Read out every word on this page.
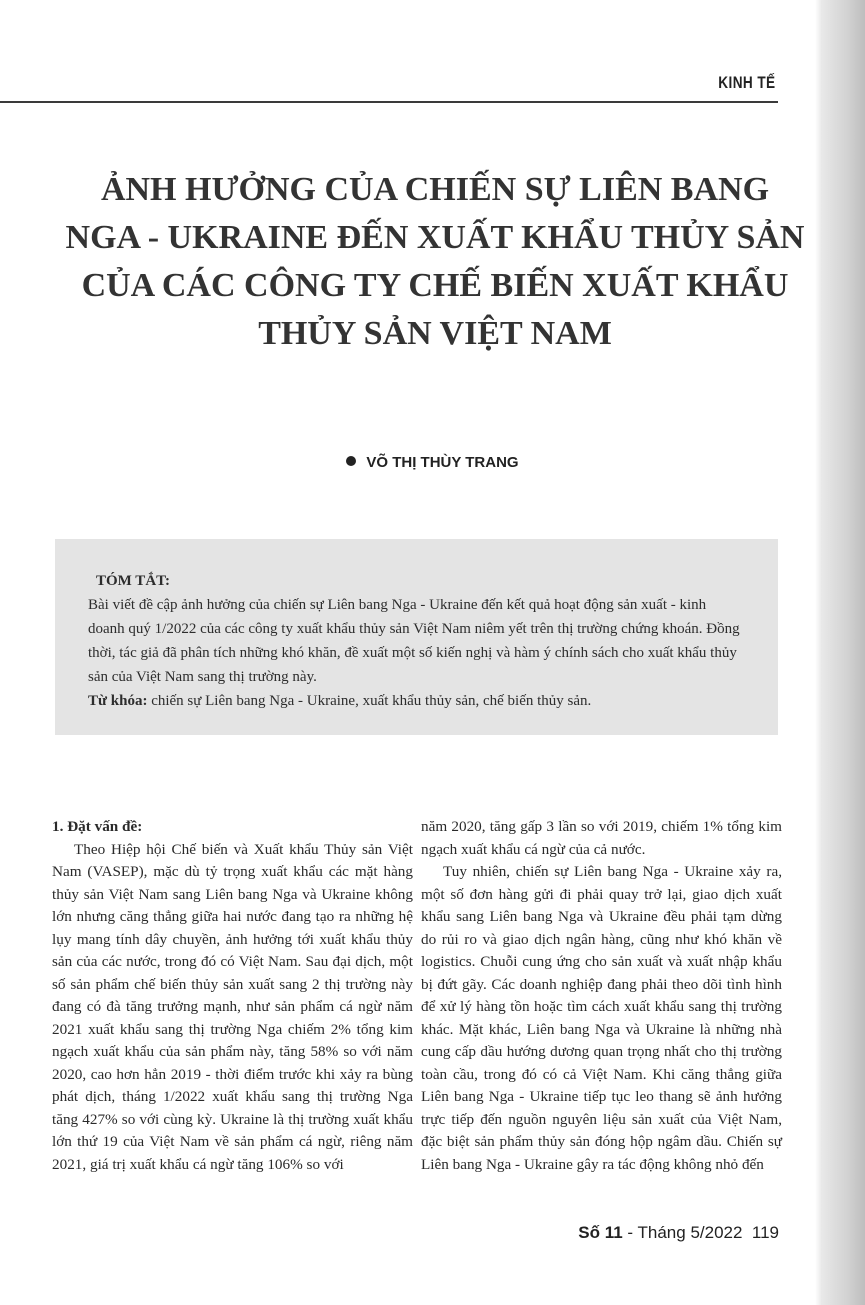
KINH TẾ
ẢNH HƯỞNG CỦA CHIẾN SỰ LIÊN BANG NGA - UKRAINE ĐẾN XUẤT KHẨU THỦY SẢN CỦA CÁC CÔNG TY CHẾ BIẾN XUẤT KHẨU THỦY SẢN VIỆT NAM
VÕ THỊ THÙY TRANG
TÓM TẮT:
Bài viết đề cập ảnh hưởng của chiến sự Liên bang Nga - Ukraine đến kết quả hoạt động sản xuất - kinh doanh quý 1/2022 của các công ty xuất khẩu thủy sản Việt Nam niêm yết trên thị trường chứng khoán. Đồng thời, tác giả đã phân tích những khó khăn, đề xuất một số kiến nghị và hàm ý chính sách cho xuất khẩu thủy sản của Việt Nam sang thị trường này.
Từ khóa: chiến sự Liên bang Nga - Ukraine, xuất khẩu thủy sản, chế biến thủy sản.

1. Đặt vấn đề:

Theo Hiệp hội Chế biến và Xuất khẩu Thủy sản Việt Nam (VASEP), mặc dù tỷ trọng xuất khẩu các mặt hàng thủy sản Việt Nam sang Liên bang Nga và Ukraine không lớn nhưng căng thẳng giữa hai nước đang tạo ra những hệ lụy mang tính dây chuyền, ảnh hưởng tới xuất khẩu thủy sản của các nước, trong đó có Việt Nam. Sau đại dịch, một số sản phẩm chế biến thủy sản xuất sang 2 thị trường này đang có đà tăng trưởng mạnh, như sản phẩm cá ngừ năm 2021 xuất khẩu sang thị trường Nga chiếm 2% tổng kim ngạch xuất khẩu của sản phẩm này, tăng 58% so với năm 2020, cao hơn hẳn 2019 - thời điểm trước khi xảy ra bùng phát dịch, tháng 1/2022 xuất khẩu sang thị trường Nga tăng 427% so với cùng kỳ. Ukraine là thị trường xuất khẩu lớn thứ 19 của Việt Nam về sản phẩm cá ngừ, riêng năm 2021, giá trị xuất khẩu cá ngừ tăng 106% so với

năm 2020, tăng gấp 3 lần so với 2019, chiếm 1% tổng kim ngạch xuất khẩu cá ngừ của cả nước.

Tuy nhiên, chiến sự Liên bang Nga - Ukraine xảy ra, một số đơn hàng gửi đi phải quay trở lại, giao dịch xuất khẩu sang Liên bang Nga và Ukraine đều phải tạm dừng do rủi ro và giao dịch ngân hàng, cũng như khó khăn về logistics. Chuỗi cung ứng cho sản xuất và xuất nhập khẩu bị đứt gãy. Các doanh nghiệp đang phải theo dõi tình hình để xử lý hàng tồn hoặc tìm cách xuất khẩu sang thị trường khác. Mặt khác, Liên bang Nga và Ukraine là những nhà cung cấp dầu hướng dương quan trọng nhất cho thị trường toàn cầu, trong đó có cả Việt Nam. Khi căng thẳng giữa Liên bang Nga - Ukraine tiếp tục leo thang sẽ ảnh hưởng trực tiếp đến nguồn nguyên liệu sản xuất của Việt Nam, đặc biệt sản phẩm thủy sản đóng hộp ngâm dầu. Chiến sự Liên bang Nga - Ukraine gây ra tác động không nhỏ đến

Số 11 - Tháng 5/2022 119
